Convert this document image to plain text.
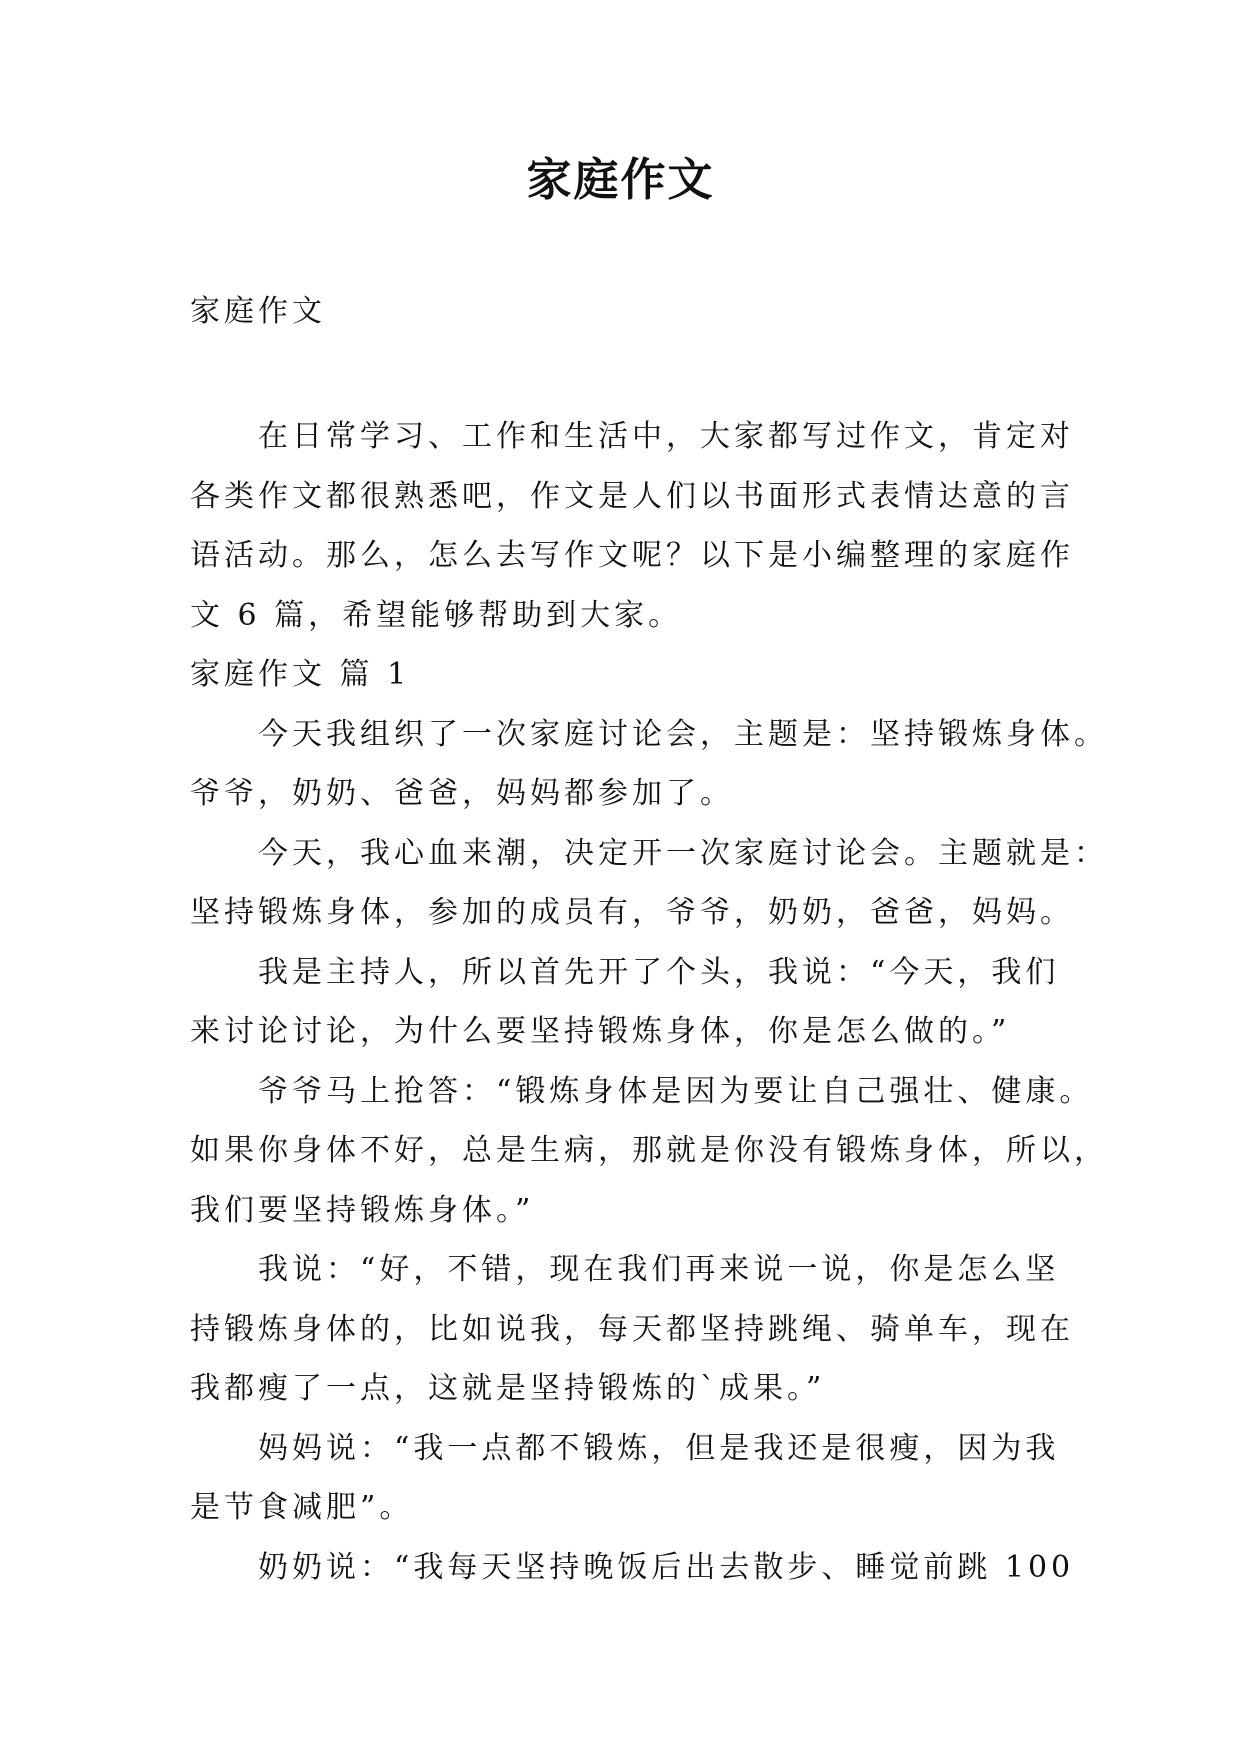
家庭作文
家庭作文

在日常学习、工作和生活中，大家都写过作文，肯定对

各类作文都很熟悉吧，作文是人们以书面形式表情达意的言

语活动。那么，怎么去写作文呢？以下是小编整理的家庭作

文 6 篇，希望能够帮助到大家。

家庭作文 篇 1

今天我组织了一次家庭讨论会，主题是：坚持锻炼身体。

爷爷，奶奶、爸爸，妈妈都参加了。

今天，我心血来潮，决定开一次家庭讨论会。主题就是：

坚持锻炼身体，参加的成员有，爷爷，奶奶，爸爸，妈妈。

我是主持人，所以首先开了个头，我说：“今天，我们

来讨论讨论，为什么要坚持锻炼身体，你是怎么做的。”

爷爷马上抢答：“锻炼身体是因为要让自己强壮、健康。

如果你身体不好，总是生病，那就是你没有锻炼身体，所以，

我们要坚持锻炼身体。”

我说：“好，不错，现在我们再来说一说，你是怎么坚

持锻炼身体的，比如说我，每天都坚持跳绳、骑单车，现在

我都瘦了一点，这就是坚持锻炼的`成果。”

妈妈说：“我一点都不锻炼，但是我还是很瘦，因为我

是节食减肥”。

奶奶说：“我每天坚持晚饭后出去散步、睡觉前跳 100
